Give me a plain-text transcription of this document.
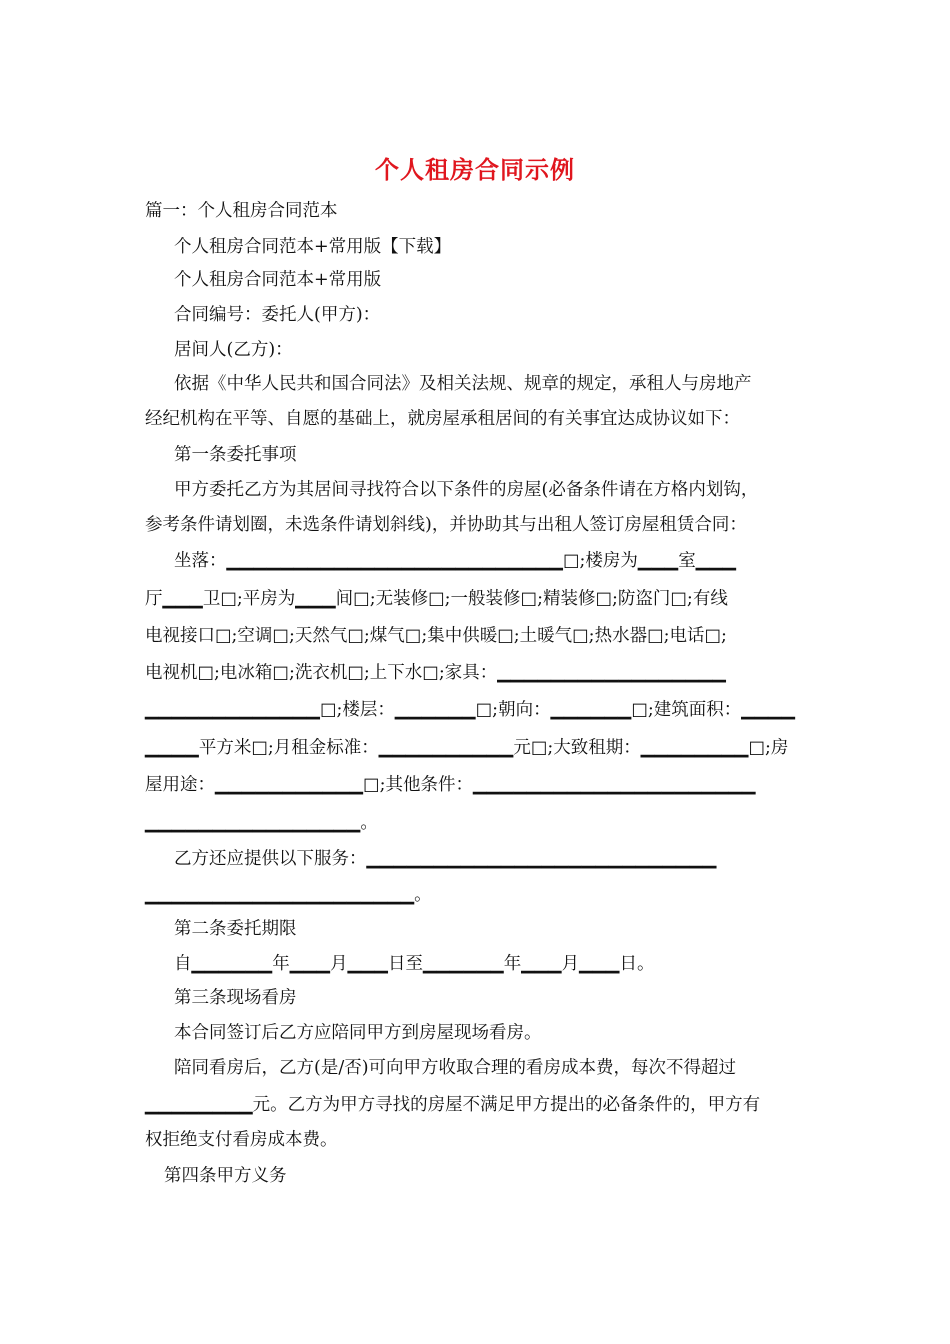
个人租房合同示例
篇一：个人租房合同范本
个人租房合同范本+常用版【下载】
个人租房合同范本+常用版
合同编号：委托人(甲方)：
居间人(乙方)：
依据《中华人民共和国合同法》及相关法规、规章的规定，承租人与房地产
经纪机构在平等、自愿的基础上，就房屋承租居间的有关事宜达成协议如下：
第一条委托事项
甲方委托乙方为其居间寻找符合以下条件的房屋(必备条件请在方格内划钩，
参考条件请划圈，未选条件请划斜线)，并协助其与出租人签订房屋租赁合同：
坐落：▁▁▁▁▁▁▁▁▁▁▁▁▁▁▁▁▁▁▁▁▁▁▁▁▁□;楼房为▁▁▁室▁▁▁
厅▁▁▁卫□;平房为▁▁▁间□;无装修□;一般装修□;精装修□;防盗门□;有线
电视接口□;空调□;天然气□;煤气□;集中供暖□;土暖气□;热水器□;电话□;
电视机□;电冰箱□;洗衣机□;上下水□;家具：▁▁▁▁▁▁▁▁▁▁▁▁▁▁▁▁▁
▁▁▁▁▁▁▁▁▁▁▁▁▁□;楼层：▁▁▁▁▁▁□;朝向：▁▁▁▁▁▁□;建筑面积：▁▁▁▁
▁▁▁▁平方米□;月租金标准：▁▁▁▁▁▁▁▁▁▁元□;大致租期：▁▁▁▁▁▁▁▁□;房
屋用途：▁▁▁▁▁▁▁▁▁▁▁□;其他条件：▁▁▁▁▁▁▁▁▁▁▁▁▁▁▁▁▁▁▁▁▁
▁▁▁▁▁▁▁▁▁▁▁▁▁▁▁▁。
乙方还应提供以下服务：▁▁▁▁▁▁▁▁▁▁▁▁▁▁▁▁▁▁▁▁▁▁▁▁▁▁
▁▁▁▁▁▁▁▁▁▁▁▁▁▁▁▁▁▁▁▁。
第二条委托期限
自▁▁▁▁▁▁年▁▁▁月▁▁▁日至▁▁▁▁▁▁年▁▁▁月▁▁▁日。
第三条现场看房
本合同签订后乙方应陪同甲方到房屋现场看房。
陪同看房后，乙方(是/否)可向甲方收取合理的看房成本费，每次不得超过
▁▁▁▁▁▁▁▁元。乙方为甲方寻找的房屋不满足甲方提出的必备条件的，甲方有
权拒绝支付看房成本费。
第四条甲方义务
